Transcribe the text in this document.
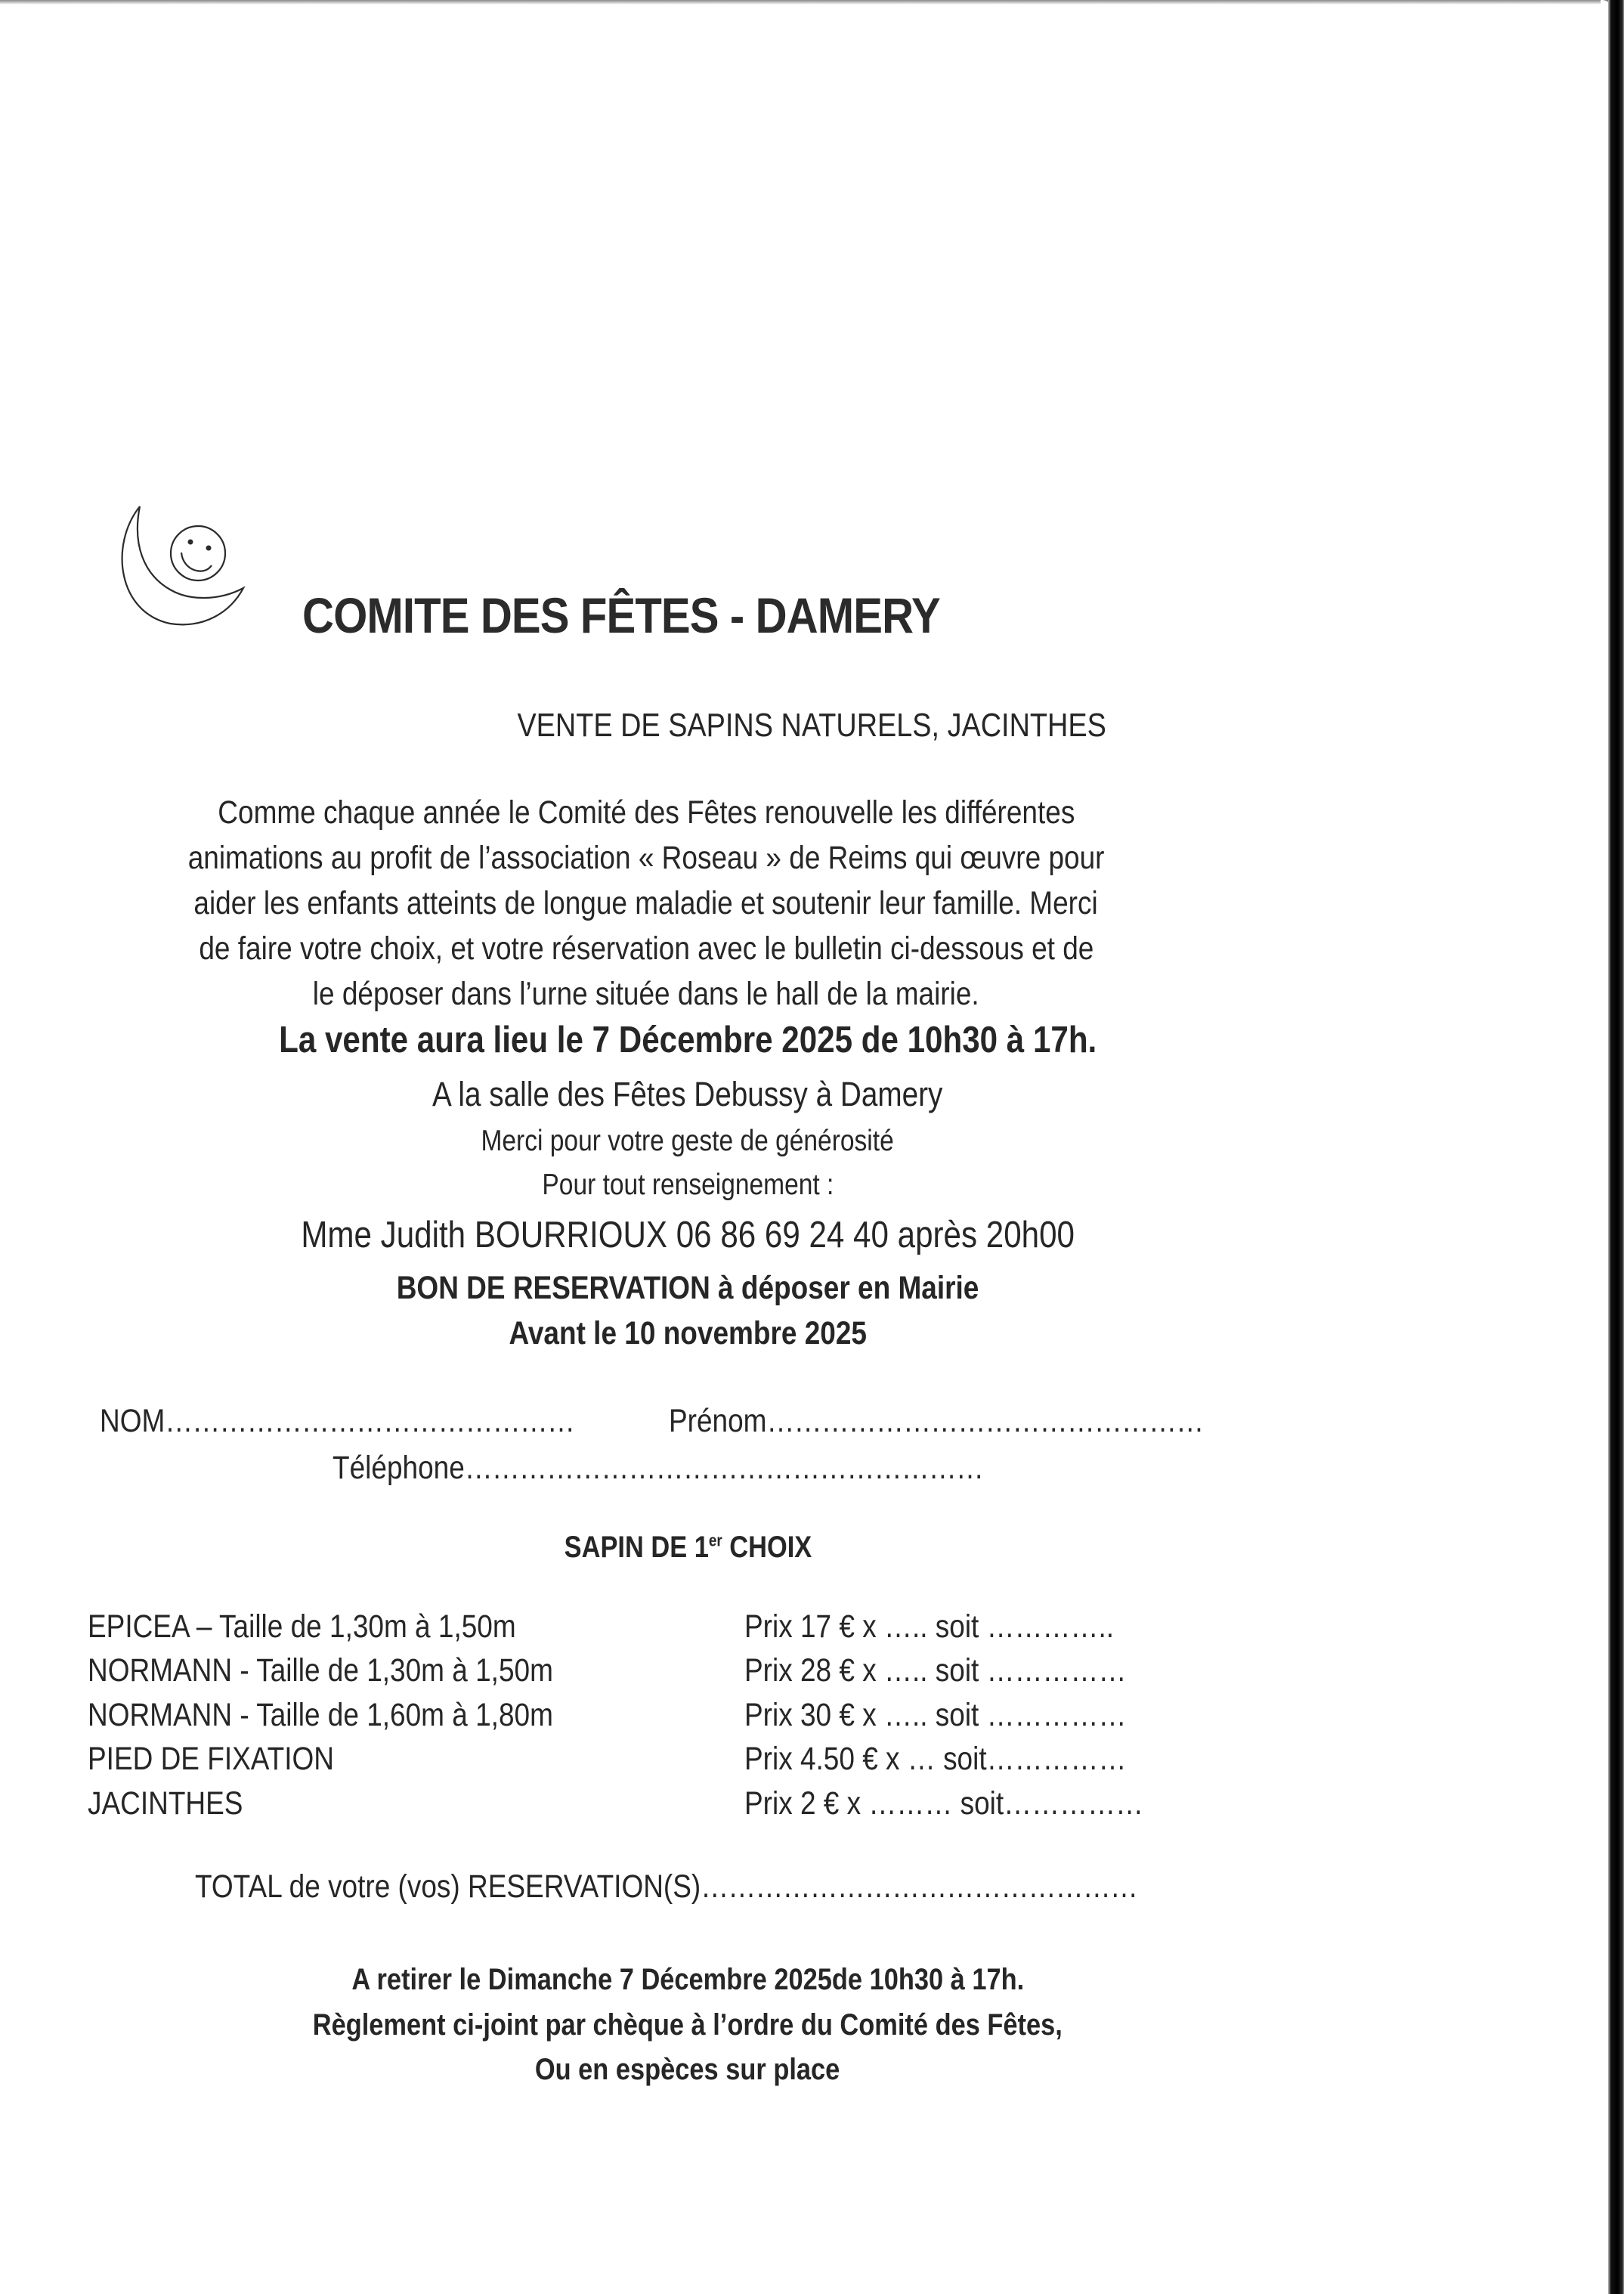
COMITE DES FÊTES - DAMERY
VENTE DE SAPINS NATURELS, JACINTHES
Comme chaque année le Comité des Fêtes renouvelle les différentes
animations au profit de l’association « Roseau » de Reims qui œuvre pour
aider les enfants atteints de longue maladie et soutenir leur famille. Merci
de faire votre choix, et votre réservation avec le bulletin ci-dessous et de
le déposer dans l’urne située dans le hall de la mairie.
La vente aura lieu le 7 Décembre 2025 de 10h30 à 17h.
A la salle des Fêtes Debussy à Damery
Merci pour votre geste de générosité
Pour tout renseignement :
Mme Judith BOURRIOUX 06 86 69 24 40 après 20h00
BON DE RESERVATION à déposer en Mairie
Avant le 10 novembre 2025
NOM………………………………………	Prénom…………………………………………
Téléphone…………………………………………………
SAPIN DE 1er CHOIX
EPICEA – Taille de 1,30m à 1,50m	Prix 17 € x ….. soit …………..
NORMANN - Taille de 1,30m à 1,50m	Prix 28 € x ….. soit ……………
NORMANN - Taille de 1,60m à 1,80m	Prix 30 € x ….. soit ……………
PIED DE FIXATION	Prix 4.50 € x … soit……………
JACINTHES	Prix 2 € x ……… soit……………
TOTAL de votre (vos) RESERVATION(S)…………………………………………
A retirer le Dimanche 7 Décembre 2025de 10h30 à 17h.
Règlement ci-joint par chèque à l’ordre du Comité des Fêtes,
Ou en espèces sur place
